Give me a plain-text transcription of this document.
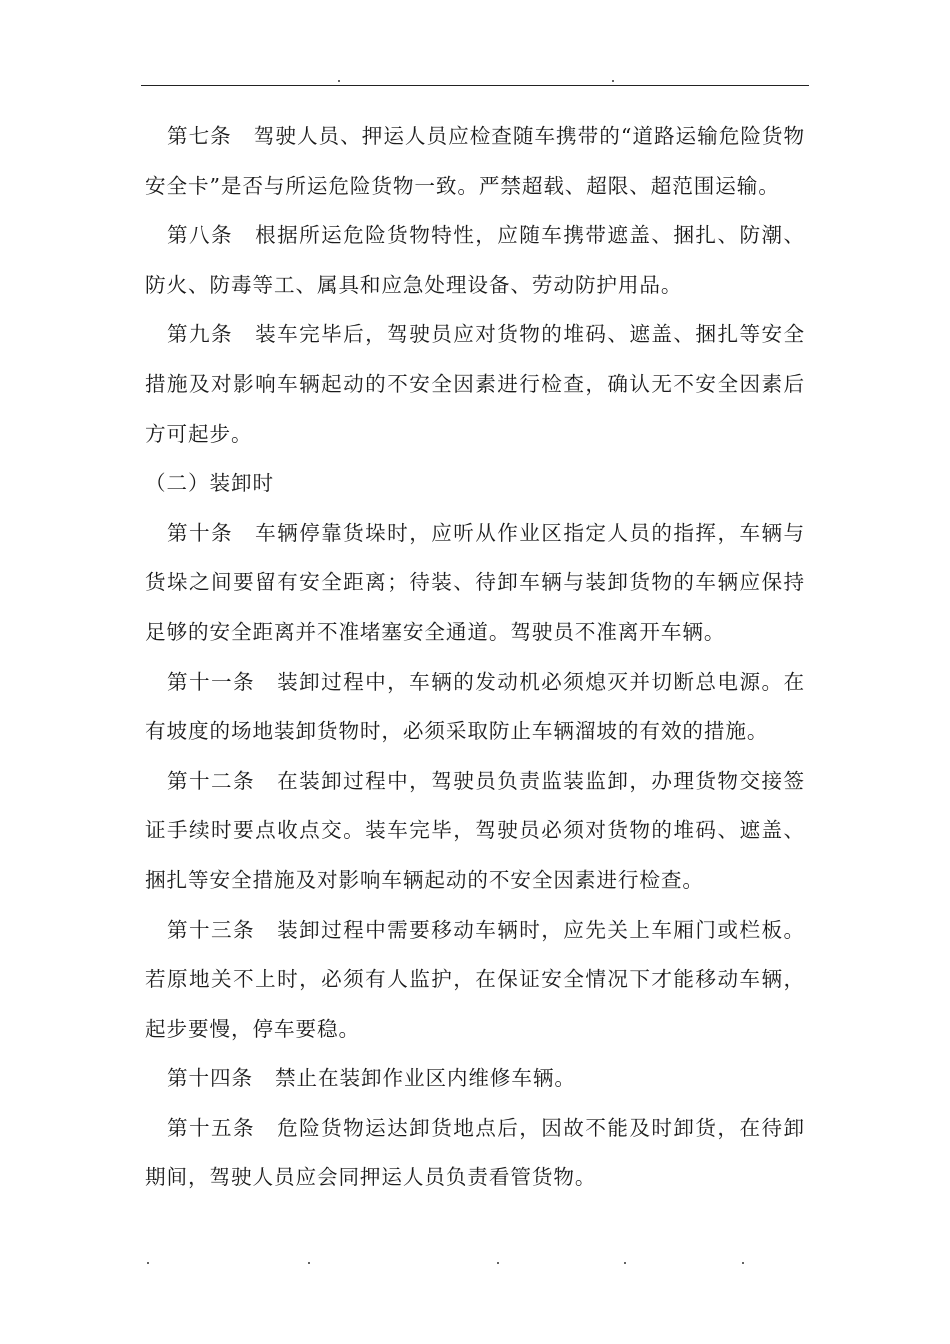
第七条 驾驶人员、押运人员应检查随车携带的“道路运输危险货物安全卡”是否与所运危险货物一致。严禁超载、超限、超范围运输。

第八条 根据所运危险货物特性，应随车携带遮盖、捆扎、防潮、防火、防毒等工、属具和应急处理设备、劳动防护用品。

第九条 装车完毕后，驾驶员应对货物的堆码、遮盖、捆扎等安全措施及对影响车辆起动的不安全因素进行检查，确认无不安全因素后方可起步。

（二）装卸时

第十条 车辆停靠货垛时，应听从作业区指定人员的指挥，车辆与货垛之间要留有安全距离；待装、待卸车辆与装卸货物的车辆应保持足够的安全距离并不准堵塞安全通道。驾驶员不准离开车辆。

第十一条 装卸过程中，车辆的发动机必须熄灭并切断总电源。在有坡度的场地装卸货物时，必须采取防止车辆溜坡的有效的措施。

第十二条 在装卸过程中，驾驶员负责监装监卸，办理货物交接签证手续时要点收点交。装车完毕，驾驶员必须对货物的堆码、遮盖、捆扎等安全措施及对影响车辆起动的不安全因素进行检查。

第十三条 装卸过程中需要移动车辆时，应先关上车厢门或栏板。若原地关不上时，必须有人监护，在保证安全情况下才能移动车辆，起步要慢，停车要稳。

第十四条 禁止在装卸作业区内维修车辆。

第十五条 危险货物运达卸货地点后，因故不能及时卸货，在待卸期间，驾驶人员应会同押运人员负责看管货物。
